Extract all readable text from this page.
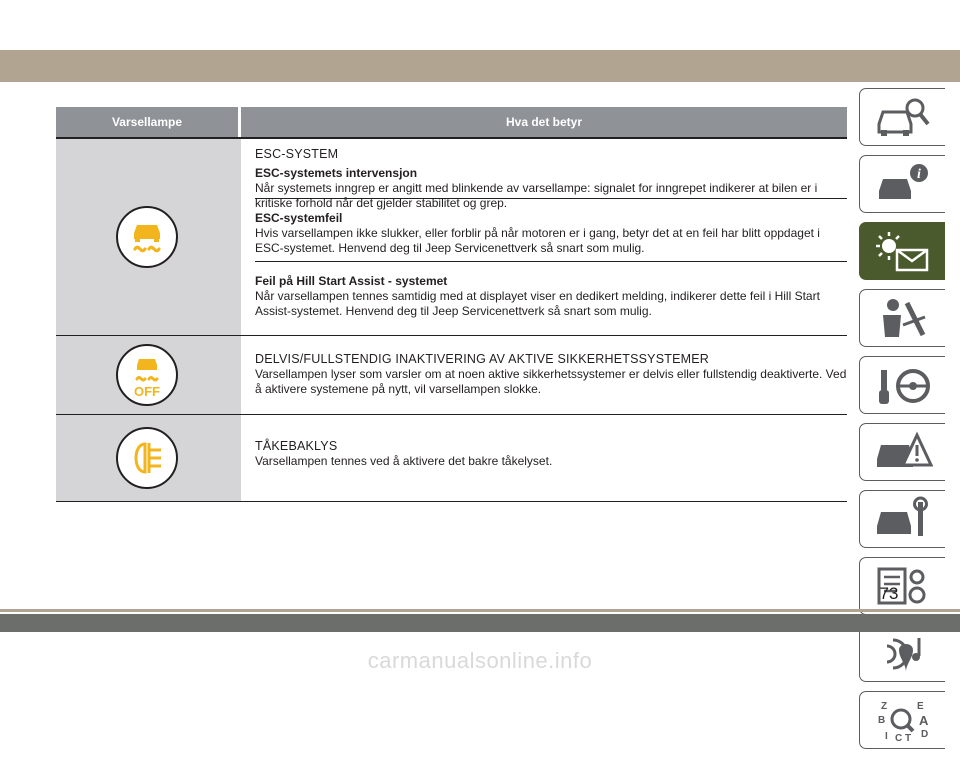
Varsellampe	Hva det betyr
ESC-SYSTEM
ESC-systemets intervensjon
Når systemets inngrep er angitt med blinkende av varsellampe: signalet for inngrepet indikerer at bilen er i kritiske forhold når det gjelder stabilitet og grep.
ESC-systemfeil
Hvis varsellampen ikke slukker, eller forblir på når motoren er i gang, betyr det at en feil har blitt oppdaget i ESC-systemet. Henvend deg til Jeep Servicenettverk så snart som mulig.
Feil på Hill Start Assist - systemet
Når varsellampen tennes samtidig med at displayet viser en dedikert melding, indikerer dette feil i Hill Start Assist-systemet. Henvend deg til Jeep Servicenettverk så snart som mulig.
OFF
DELVIS/FULLSTENDIG INAKTIVERING AV AKTIVE SIKKERHETSSYSTEMER
Varsellampen lyser som varsler om at noen aktive sikkerhetssystemer er delvis eller fullstendig deaktiverte. Ved å aktivere systemene på nytt, vil varsellampen slokke.
TÅKEBAKLYS
Varsellampen tennes ved å aktivere det bakre tåkelyset.
i
Z	E
B	A
I C T D
73
carmanualsonline.info
